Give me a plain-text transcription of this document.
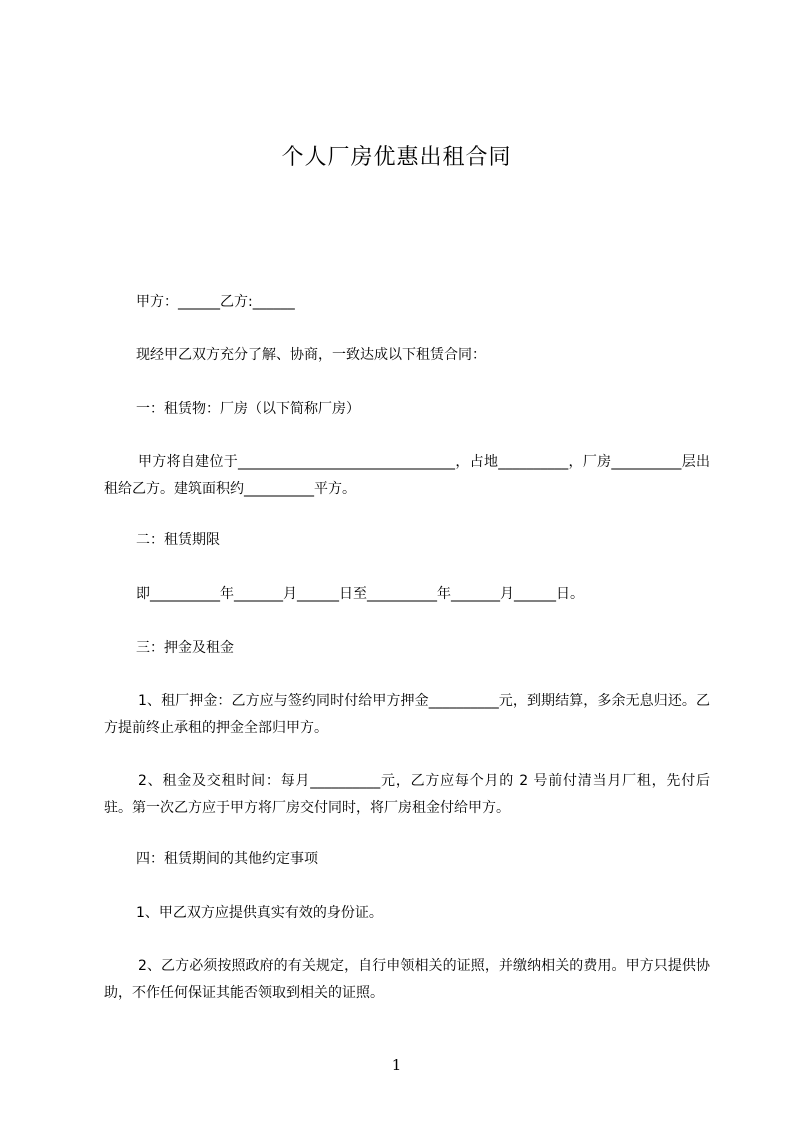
个人厂房优惠出租合同
甲方：______乙方:______
现经甲乙双方充分了解、协商，一致达成以下租赁合同：
一：租赁物：厂房（以下简称厂房）
甲方将自建位于_______________________________，占地__________，厂房__________层出租给乙方。建筑面积约__________平方。
二：租赁期限
即__________年_______月______日至__________年_______月______日。
三：押金及租金
1、租厂押金：乙方应与签约同时付给甲方押金__________元，到期结算，多余无息归还。乙方提前终止承租的押金全部归甲方。
2、租金及交租时间：每月__________元，乙方应每个月的 2 号前付清当月厂租，先付后驻。第一次乙方应于甲方将厂房交付同时，将厂房租金付给甲方。
四：租赁期间的其他约定事项
1、甲乙双方应提供真实有效的身份证。
2、乙方必须按照政府的有关规定，自行申领相关的证照，并缴纳相关的费用。甲方只提供协助，不作任何保证其能否领取到相关的证照。
1
